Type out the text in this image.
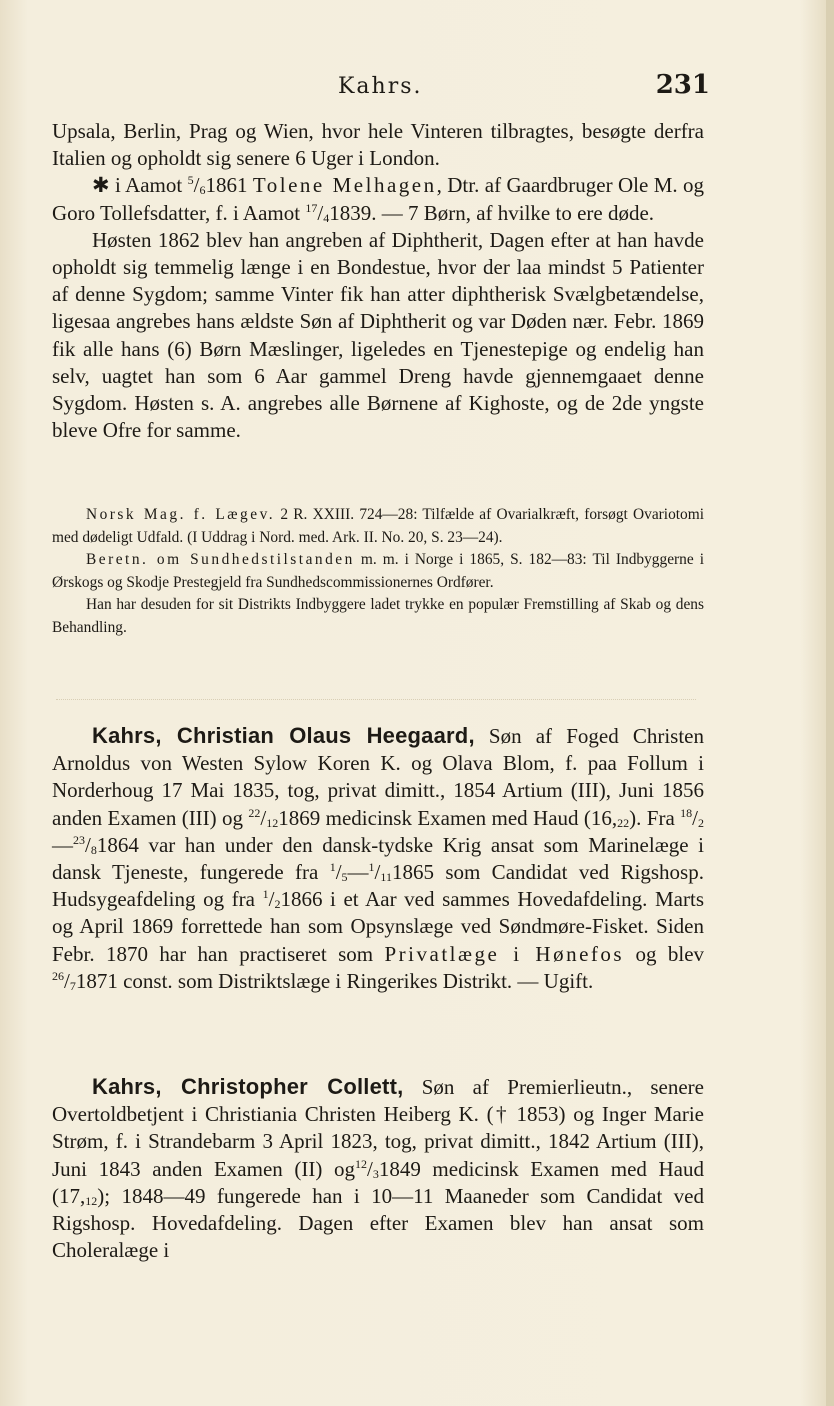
Kahrs.	231
Upsala, Berlin, Prag og Wien, hvor hele Vinteren tilbragtes, besøgte derfra Italien og opholdt sig senere 6 Uger i London.
✱ i Aamot $^5/_61861$ Tolene Melhagen, Dtr. af Gaardbruger Ole M. og Goro Tollefsdatter, f. i Aamot $^{17}/_41839$. — 7 Børn, af hvilke to ere døde.
Høsten 1862 blev han angreben af Diphtherit, Dagen efter at han havde opholdt sig temmelig længe i en Bondestue, hvor der laa mindst 5 Patienter af denne Sygdom; samme Vinter fik han atter diphtherisk Svælgbetændelse, ligesaa angrebes hans ældste Søn af Diphtherit og var Døden nær. Febr. 1869 fik alle hans (6) Børn Mæslinger, ligeledes en Tjenestepige og endelig han selv, uagtet han som 6 Aar gammel Dreng havde gjennemgaaet denne Sygdom. Høsten s. A. angrebes alle Børnene af Kighoste, og de 2de yngste bleve Ofre for samme.
Norsk Mag. f. Lægev. 2 R. XXIII. 724—28: Tilfælde af Ovarialkræft, forsøgt Ovariotomi med dødeligt Udfald. (I Uddrag i Nord. med. Ark. II. No. 20, S. 23—24).
Beretn. om Sundhedstilstanden m. m. i Norge i 1865, S. 182—83: Til Indbyggerne i Ørskogs og Skodje Prestegjeld fra Sundhedscommissionernes Ordfører.
Han har desuden for sit Distrikts Indbyggere ladet trykke en populær Fremstilling af Skab og dens Behandling.
Kahrs, Christian Olaus Heegaard, Søn af Foged Christen Arnoldus von Westen Sylow Koren K. og Olava Blom, f. paa Follum i Norderhoug 17 Mai 1835, tog, privat dimitt., 1854 Artium (III), Juni 1856 anden Examen (III) og $^{22}/_{12}1869$ medicinsk Examen med Haud $(16,_{22})$. Fra $^{18}/_2—^{23}/_81864$ var han under den dansk-tydske Krig ansat som Marinelæge i dansk Tjeneste, fungerede fra $^1/_5—^1/_{11}1865$ som Candidat ved Rigshosp. Hudsygeafdeling og fra $^1/_21866$ i et Aar ved sammes Hovedafdeling. Marts og April 1869 forrettede han som Opsynslæge ved Søndmøre-Fisket. Siden Febr. 1870 har han practiseret som Privatlæge i Hønefos og blev $^{26}/_71871$ const. som Distriktslæge i Ringerikes Distrikt. — Ugift.
Kahrs, Christopher Collett, Søn af Premierlieutn., senere Overtoldbetjent i Christiania Christen Heiberg K. († 1853) og Inger Marie Strøm, f. i Strandebarm 3 April 1823, tog, privat dimitt., 1842 Artium (III), Juni 1843 anden Examen (II) $og^{12}/_31849$ medicinsk Examen med Haud $(17,_{12})$; 1848—49 fungerede han i 10—11 Maaneder som Candidat ved Rigshosp. Hovedafdeling. Dagen efter Examen blev han ansat som Choleralæge i
